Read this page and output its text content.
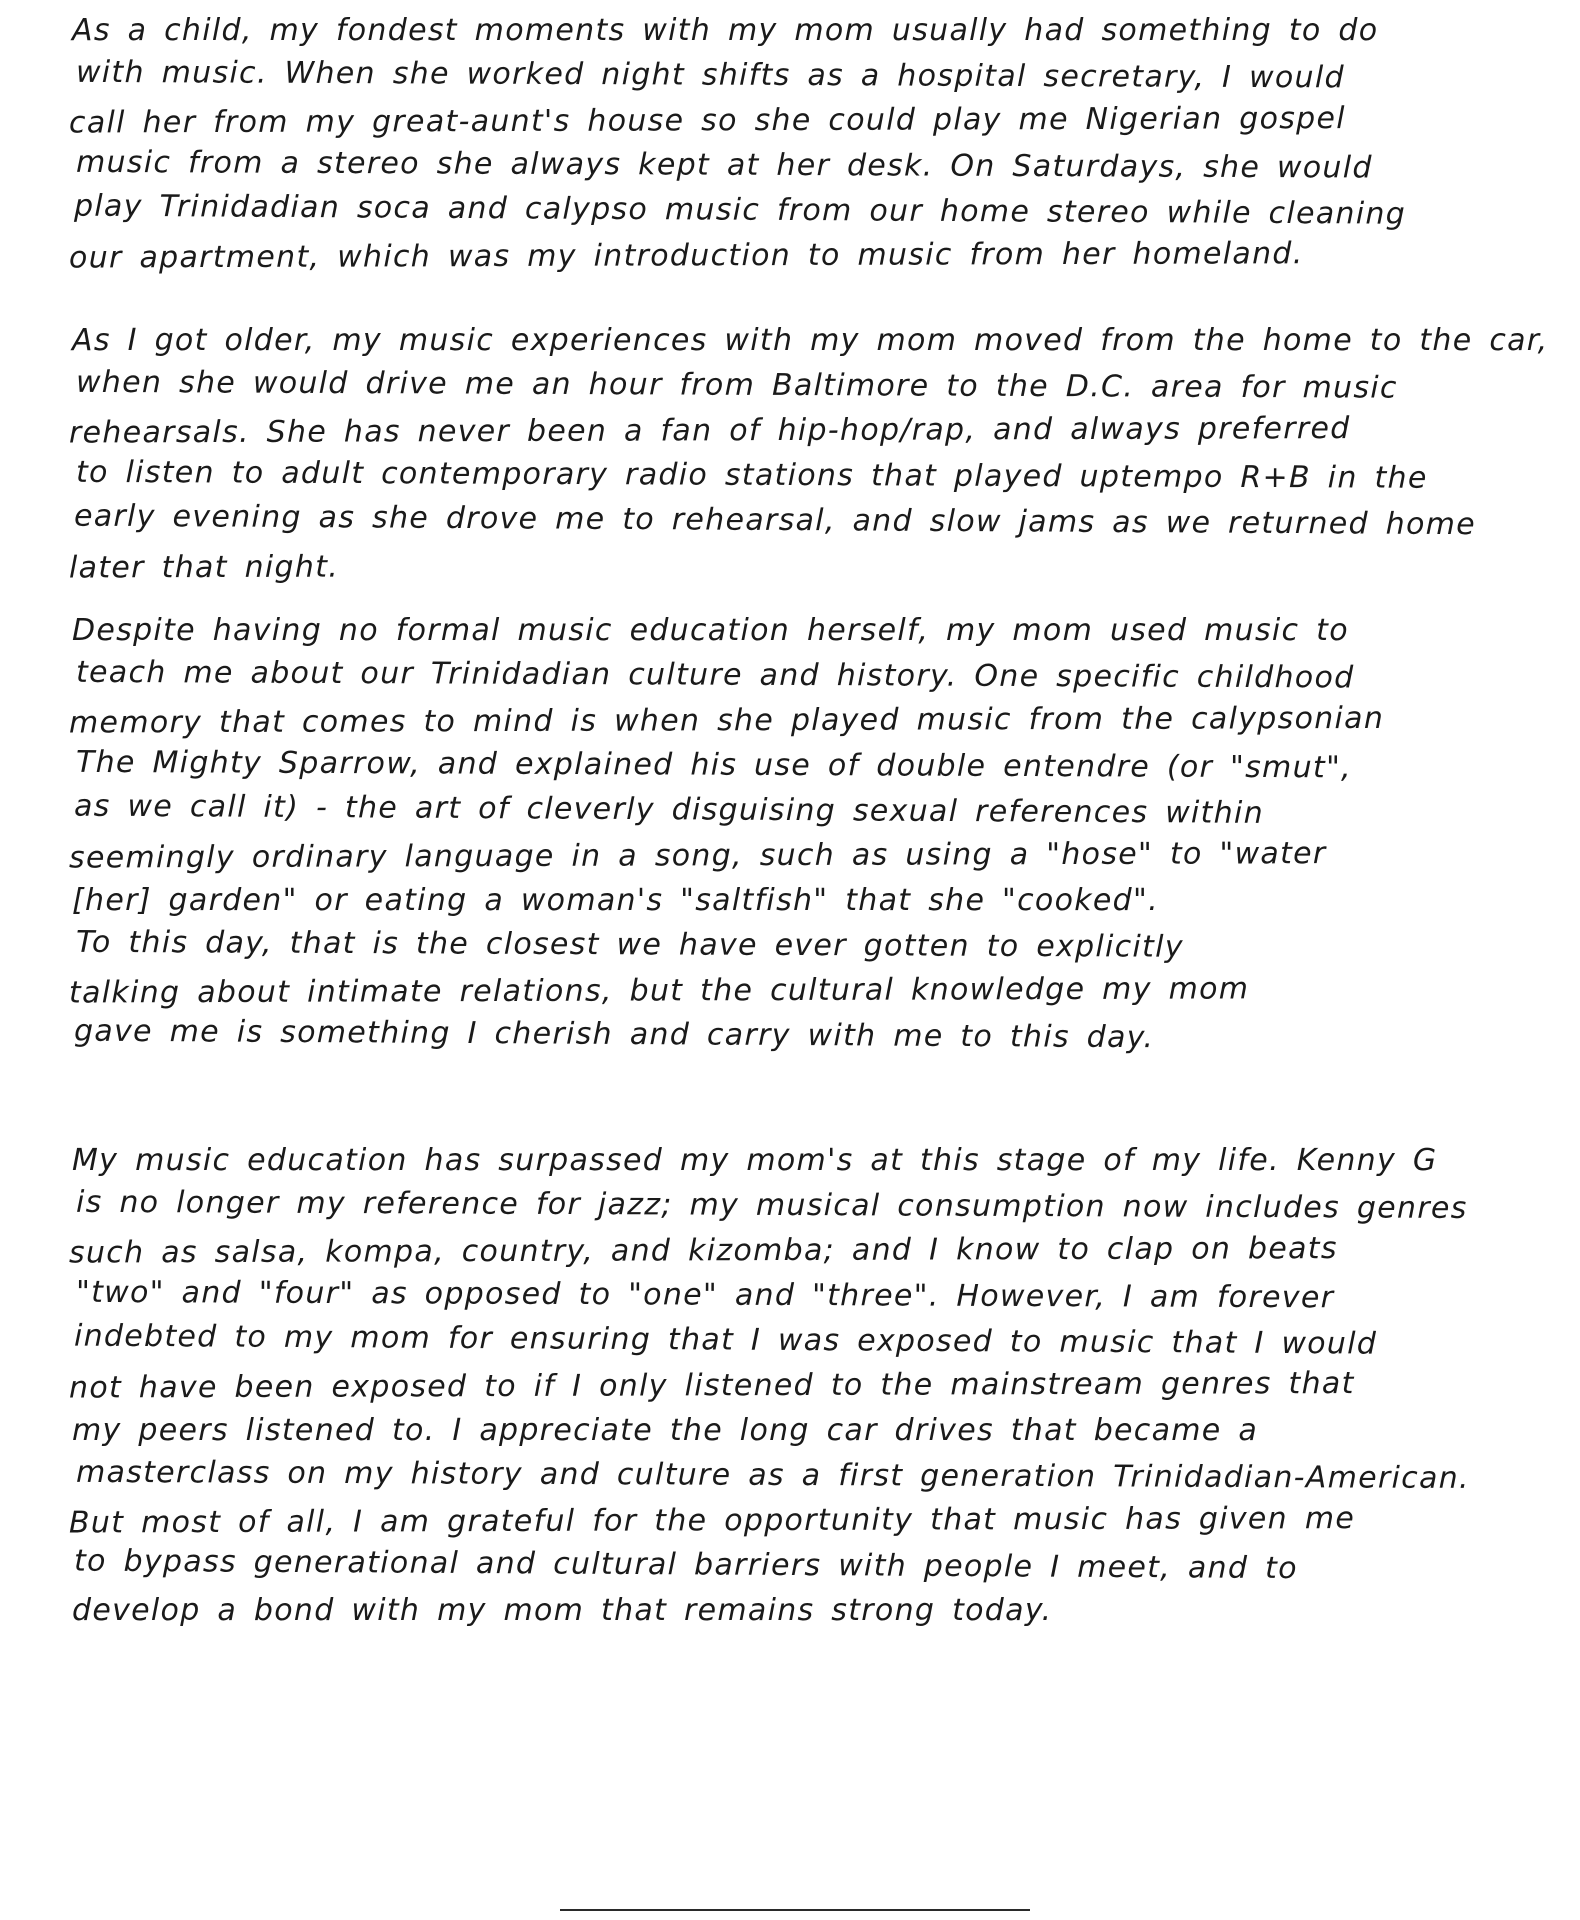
As a child, my fondest moments with my mom usually had something to do
with music. When she worked night shifts as a hospital secretary, I would
call her from my great-aunt's house so she could play me Nigerian gospel
music from a stereo she always kept at her desk. On Saturdays, she would
play Trinidadian soca and calypso music from our home stereo while cleaning
our apartment, which was my introduction to music from her homeland.
As I got older, my music experiences with my mom moved from the home to the car,
when she would drive me an hour from Baltimore to the D.C. area for music
rehearsals. She has never been a fan of hip-hop/rap, and always preferred
to listen to adult contemporary radio stations that played uptempo R+B in the
early evening as she drove me to rehearsal, and slow jams as we returned home
later that night.
Despite having no formal music education herself, my mom used music to
teach me about our Trinidadian culture and history. One specific childhood
memory that comes to mind is when she played music from the calypsonian
The Mighty Sparrow, and explained his use of double entendre (or "smut",
as we call it) - the art of cleverly disguising sexual references within
seemingly ordinary language in a song, such as using a "hose" to "water
[her] garden" or eating a woman's "saltfish" that she "cooked".
To this day, that is the closest we have ever gotten to explicitly
talking about intimate relations, but the cultural knowledge my mom
gave me is something I cherish and carry with me to this day.
My music education has surpassed my mom's at this stage of my life. Kenny G
is no longer my reference for jazz; my musical consumption now includes genres
such as salsa, kompa, country, and kizomba; and I know to clap on beats
"two" and "four" as opposed to "one" and "three". However, I am forever
indebted to my mom for ensuring that I was exposed to music that I would
not have been exposed to if I only listened to the mainstream genres that
my peers listened to. I appreciate the long car drives that became a
masterclass on my history and culture as a first generation Trinidadian-American.
But most of all, I am grateful for the opportunity that music has given me
to bypass generational and cultural barriers with people I meet, and to
develop a bond with my mom that remains strong today.
